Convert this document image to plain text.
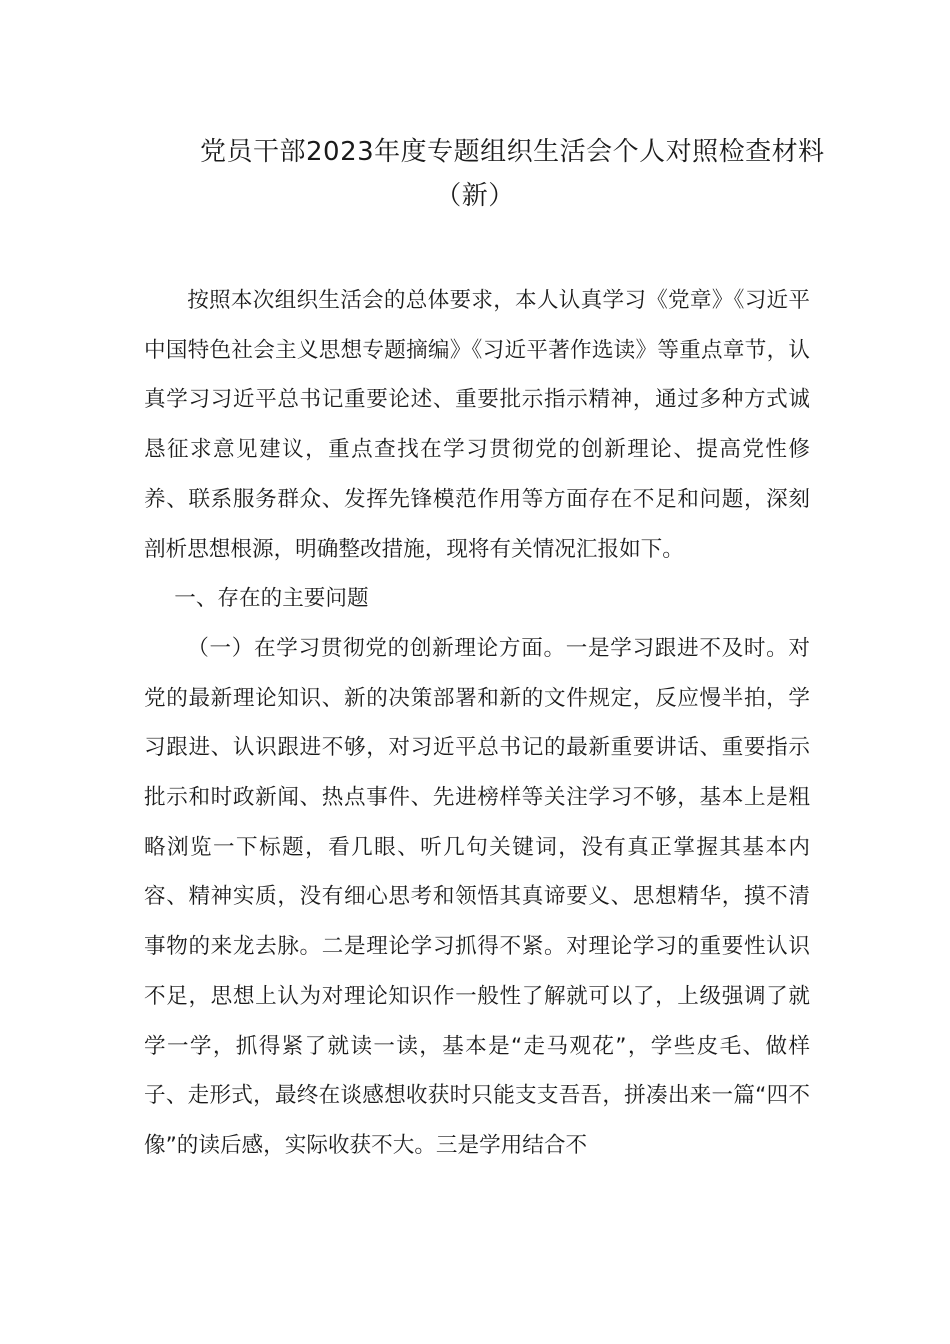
党员干部2023年度专题组织生活会个人对照检查材料
（新）

按照本次组织生活会的总体要求，本人认真学习《党章》《习近平中国特色社会主义思想专题摘编》《习近平著作选读》等重点章节，认真学习习近平总书记重要论述、重要批示指示精神，通过多种方式诚恳征求意见建议，重点查找在学习贯彻党的创新理论、提高党性修养、联系服务群众、发挥先锋模范作用等方面存在不足和问题，深刻剖析思想根源，明确整改措施，现将有关情况汇报如下。

一、存在的主要问题

（一）在学习贯彻党的创新理论方面。一是学习跟进不及时。对党的最新理论知识、新的决策部署和新的文件规定，反应慢半拍，学习跟进、认识跟进不够，对习近平总书记的最新重要讲话、重要指示批示和时政新闻、热点事件、先进榜样等关注学习不够，基本上是粗略浏览一下标题，看几眼、听几句关键词，没有真正掌握其基本内容、精神实质，没有细心思考和领悟其真谛要义、思想精华，摸不清事物的来龙去脉。二是理论学习抓得不紧。对理论学习的重要性认识不足，思想上认为对理论知识作一般性了解就可以了，上级强调了就学一学，抓得紧了就读一读，基本是“走马观花”，学些皮毛、做样子、走形式，最终在谈感想收获时只能支支吾吾，拼凑出来一篇“四不像”的读后感，实际收获不大。三是学用结合不
